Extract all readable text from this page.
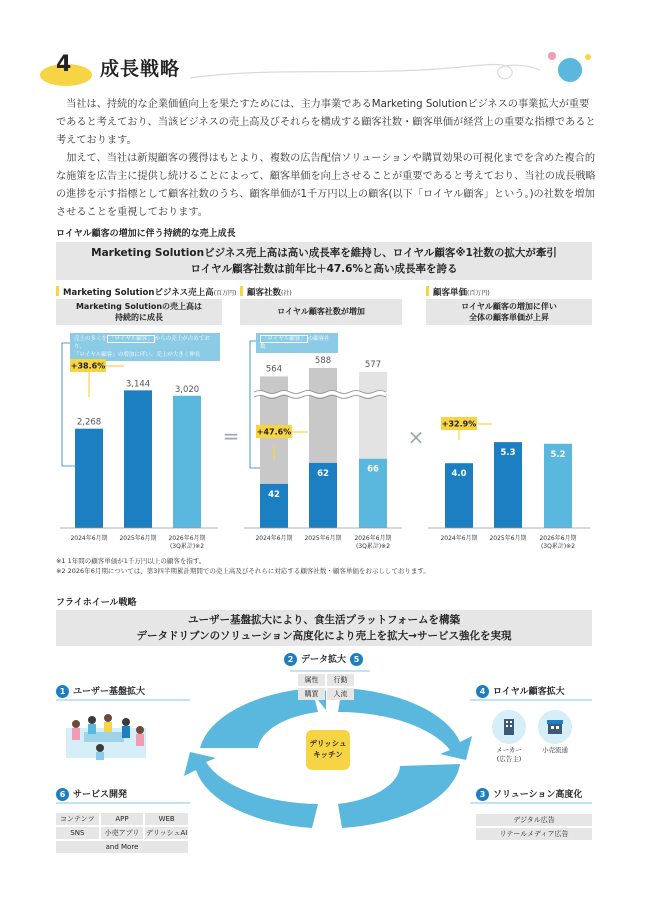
4 成長戦略

当社は、持続的な企業価値向上を果たすためには、主力事業であるMarketing Solutionビジネスの事業拡大が重要であると考えており、当該ビジネスの売上高及びそれらを構成する顧客社数・顧客単価が経営上の重要な指標であると考えております。

加えて、当社は新規顧客の獲得はもとより、複数の広告配信ソリューションや購買効果の可視化までを含めた複合的な施策を広告主に提供し続けることによって、顧客単価を向上させることが重要であると考えており、当社の成長戦略の進捗を示す指標として顧客社数のうち、顧客単価が1千万円以上の顧客(以下「ロイヤル顧客」という。)の社数を増加させることを重視しております。

ロイヤル顧客の増加に伴う持続的な売上成長
Marketing Solutionビジネス売上高は高い成長率を維持し、ロイヤル顧客※1社数の拡大が牽引
ロイヤル顧客社数は前年比＋47.6%と高い成長率を誇る
Marketing Solutionビジネス売上高(百万円)	顧客社数(社)	顧客単価(百万円)
Marketing Solutionの売上高は
持続的に成長
ロイヤル顧客社数が増加
ロイヤル顧客の増加に伴い
全体の顧客単価が上昇
売上の多くを 「ロイヤル顧客」 からの売上が占めており、
「ロイヤル顧客」の増加に伴い、売上が大きく伸長
「ロイヤル顧客」 の顧客社数
2,268
2024年6月期
3,144
2025年6月期
3,020
2026年6月期
(3Q累計)※2
+38.6%	564
42
2024年6月期
588
62
2025年6月期
577
66
2026年6月期
(3Q累計)※2
+47.6%
4.0
2024年6月期
5.3
2025年6月期
5.2
2026年6月期
(3Q累計)※2
+32.9%
=	×
※1 1年間の顧客単価が1千万円以上の顧客を指す。
※2 2026年6月期については、第3四半期累計期間での売上高及びそれらに対応する顧客社数・顧客単価をお示ししております。
フライホイール戦略
ユーザー基盤拡大により、食生活プラットフォームを構築
データドリブンのソリューション高度化により売上を拡大→サービス強化を実現
2 データ拡大 5
属性	行動
購買	人流
1 ユーザー基盤拡大
6 サービス開発
コンテンツ	APP	WEB
SNS	小売アプリ デリッシュAI
and More
4 ロイヤル顧客拡大
メーカー
(広告主)
小売流通
3 ソリューション高度化
デジタル広告
リテールメディア広告
デリッシュ
キッチン
